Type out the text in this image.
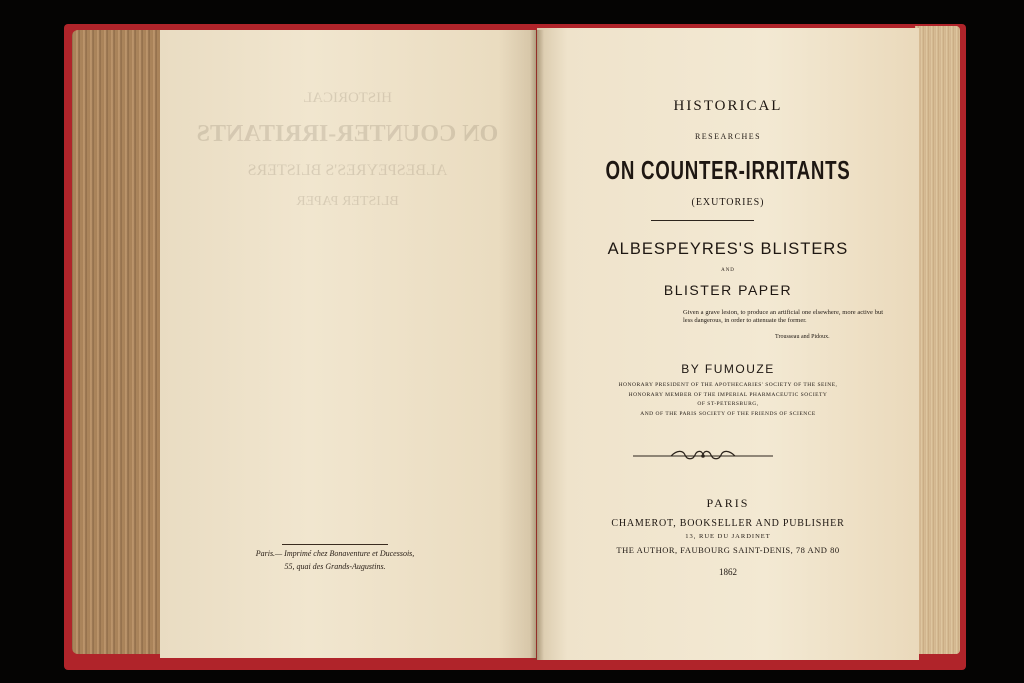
HISTORICAL
ON COUNTER-IRRITANTS
ALBESPEYRES'S BLISTERS
BLISTER PAPER
Paris.— Imprimé chez Bonaventure et Ducessois,
55, quai des Grands-Augustins.
HISTORICAL
RESEARCHES
ON COUNTER-IRRITANTS
(EXUTORIES)
ALBESPEYRES'S BLISTERS
AND
BLISTER PAPER
Given a grave lesion, to produce an artificial one elsewhere, more active but less dangerous, in order to attenuate the former.
Trousseau and Pidoux.
BY FUMOUZE
HONORARY PRESIDENT OF THE APOTHECARIES' SOCIETY OF THE SEINE,
HONORARY MEMBER OF THE IMPERIAL PHARMACEUTIC SOCIETY
OF ST-PETERSBURG,
AND OF THE PARIS SOCIETY OF THE FRIENDS OF SCIENCE
PARIS
CHAMEROT, BOOKSELLER AND PUBLISHER
13, RUE DU JARDINET
THE AUTHOR, FAUBOURG SAINT-DENIS, 78 AND 80
1862
